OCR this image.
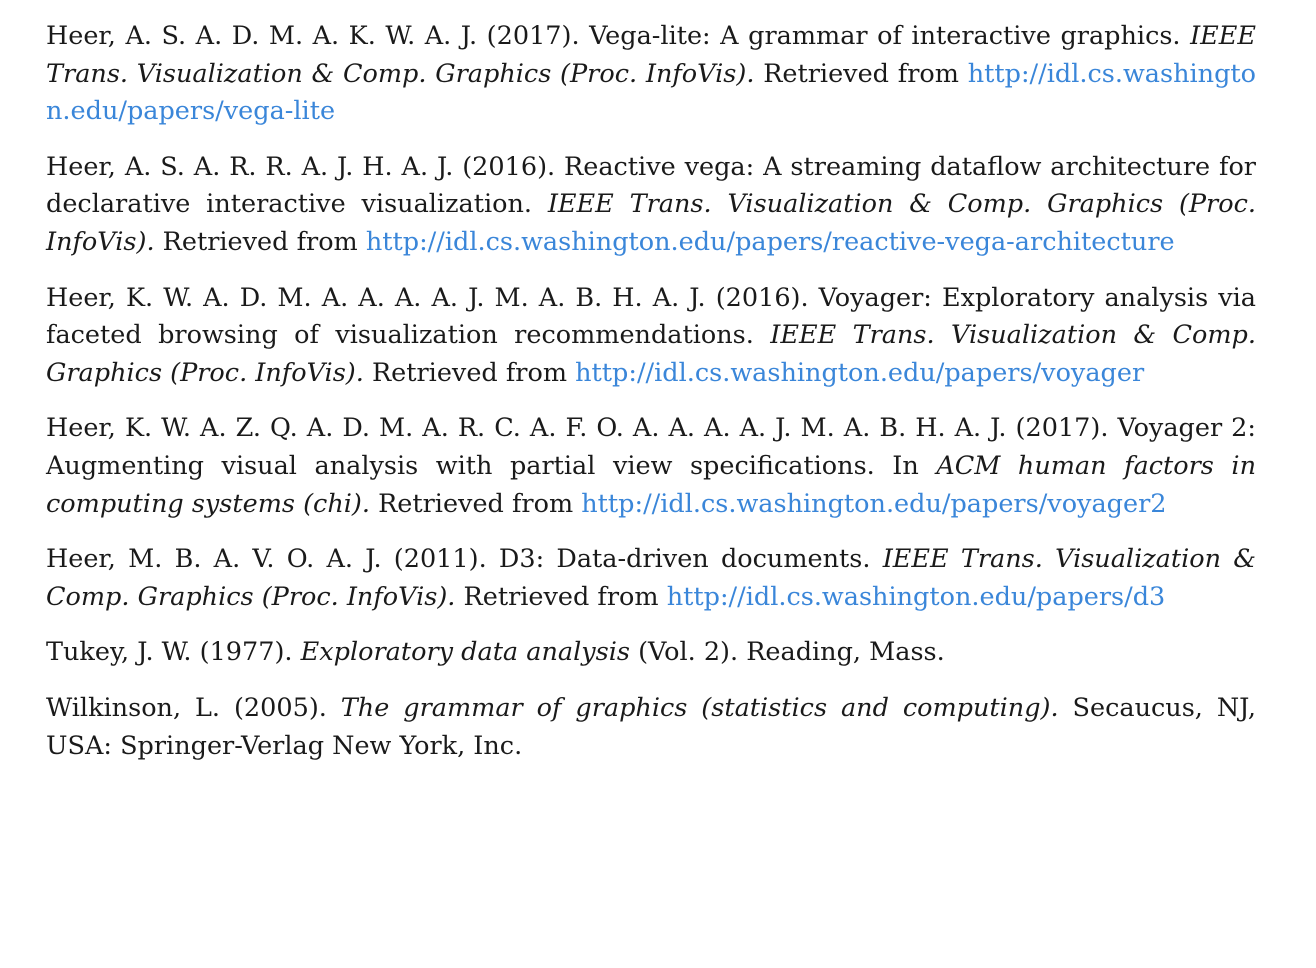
Heer, A. S. A. D. M. A. K. W. A. J. (2017). Vega-lite: A grammar of interactive graphics. IEEE Trans. Visualization & Comp. Graphics (Proc. InfoVis). Retrieved from http://idl.cs.washington.edu/papers/vega-lite

Heer, A. S. A. R. R. A. J. H. A. J. (2016). Reactive vega: A streaming dataflow architecture for declarative interactive visualization. IEEE Trans. Visualization & Comp. Graphics (Proc. InfoVis). Retrieved from http://idl.cs.washington.edu/papers/reactive-vega-architecture

Heer, K. W. A. D. M. A. A. A. A. J. M. A. B. H. A. J. (2016). Voyager: Exploratory analysis via faceted browsing of visualization recommendations. IEEE Trans. Visualization & Comp. Graphics (Proc. InfoVis). Retrieved from http://idl.cs.washington.edu/papers/voyager

Heer, K. W. A. Z. Q. A. D. M. A. R. C. A. F. O. A. A. A. A. J. M. A. B. H. A. J. (2017). Voyager 2: Augmenting visual analysis with partial view specifications. In ACM human factors in computing systems (chi). Retrieved from http://idl.cs.washington.edu/papers/voyager2

Heer, M. B. A. V. O. A. J. (2011). D3: Data-driven documents. IEEE Trans. Visualization & Comp. Graphics (Proc. InfoVis). Retrieved from http://idl.cs.washington.edu/papers/d3

Tukey, J. W. (1977). Exploratory data analysis (Vol. 2). Reading, Mass.

Wilkinson, L. (2005). The grammar of graphics (statistics and computing). Secaucus, NJ, USA: Springer-Verlag New York, Inc.
